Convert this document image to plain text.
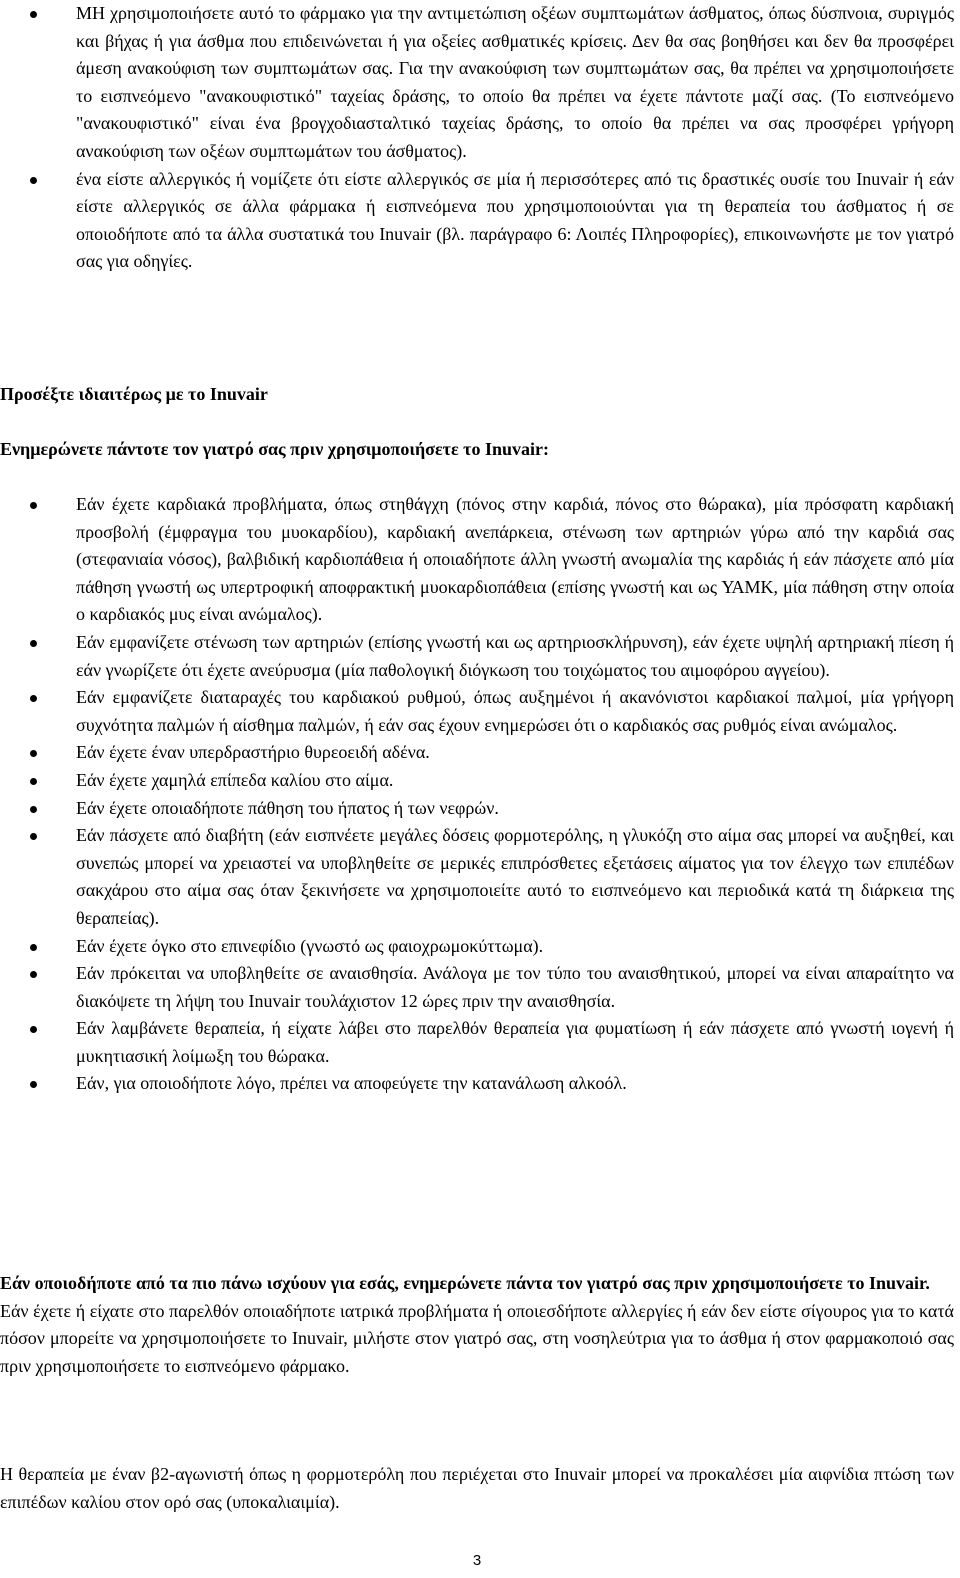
ΜΗ χρησιμοποιήσετε αυτό το φάρμακο για την αντιμετώπιση οξέων συμπτωμάτων άσθματος, όπως δύσπνοια, συριγμός και βήχας ή για άσθμα που επιδεινώνεται ή για οξείες ασθματικές κρίσεις. Δεν θα σας βοηθήσει και δεν θα προσφέρει άμεση ανακούφιση των συμπτωμάτων σας. Για την ανακούφιση των συμπτωμάτων σας, θα πρέπει να χρησιμοποιήσετε το εισπνεόμενο "ανακουφιστικό" ταχείας δράσης, το οποίο θα πρέπει να έχετε πάντοτε μαζί σας. (Το εισπνεόμενο "ανακουφιστικό" είναι ένα βρογχοδιασταλτικό ταχείας δράσης, το οποίο θα πρέπει να σας προσφέρει γρήγορη ανακούφιση των οξέων συμπτωμάτων του άσθματος).
ένα είστε αλλεργικός ή νομίζετε ότι είστε αλλεργικός σε μία ή περισσότερες από τις δραστικές ουσίε του Inuvair ή εάν είστε αλλεργικός σε άλλα φάρμακα ή εισπνεόμενα που χρησιμοποιούνται για τη θεραπεία του άσθματος ή σε οποιοδήποτε από τα άλλα συστατικά του Inuvair (βλ. παράγραφο 6: Λοιπές Πληροφορίες), επικοινωνήστε με τον γιατρό σας για οδηγίες.
Προσέξτε ιδιαιτέρως με το Inuvair
Ενημερώνετε πάντοτε τον γιατρό σας πριν χρησιμοποιήσετε το Inuvair:
Εάν έχετε καρδιακά προβλήματα, όπως στηθάγχη (πόνος στην καρδιά, πόνος στο θώρακα), μία πρόσφατη καρδιακή προσβολή (έμφραγμα του μυοκαρδίου), καρδιακή ανεπάρκεια, στένωση των αρτηριών γύρω από την καρδιά σας (στεφανιαία νόσος), βαλβιδική καρδιοπάθεια ή οποιαδήποτε άλλη γνωστή ανωμαλία της καρδιάς ή εάν πάσχετε από μία πάθηση γνωστή ως υπερτροφική αποφρακτική μυοκαρδιοπάθεια (επίσης γνωστή και ως ΥΑΜΚ, μία πάθηση στην οποία ο καρδιακός μυς είναι ανώμαλος).
Εάν εμφανίζετε στένωση των αρτηριών (επίσης γνωστή και ως αρτηριοσκλήρυνση), εάν έχετε υψηλή αρτηριακή πίεση ή εάν γνωρίζετε ότι έχετε ανεύρυσμα (μία παθολογική διόγκωση του τοιχώματος του αιμοφόρου αγγείου).
Εάν εμφανίζετε διαταραχές του καρδιακού ρυθμού, όπως αυξημένοι ή ακανόνιστοι καρδιακοί παλμοί, μία γρήγορη συχνότητα παλμών ή αίσθημα παλμών, ή εάν σας έχουν ενημερώσει ότι ο καρδιακός σας ρυθμός είναι ανώμαλος.
Εάν έχετε έναν υπερδραστήριο θυρεοειδή αδένα.
Εάν έχετε χαμηλά επίπεδα καλίου στο αίμα.
Εάν έχετε οποιαδήποτε πάθηση του ήπατος ή των νεφρών.
Εάν πάσχετε από διαβήτη (εάν εισπνέετε μεγάλες δόσεις φορμοτερόλης, η γλυκόζη στο αίμα σας μπορεί να αυξηθεί, και συνεπώς μπορεί να χρειαστεί να υποβληθείτε σε μερικές επιπρόσθετες εξετάσεις αίματος για τον έλεγχο των επιπέδων σακχάρου στο αίμα σας όταν ξεκινήσετε να χρησιμοποιείτε αυτό το εισπνεόμενο και περιοδικά κατά τη διάρκεια της θεραπείας).
Εάν έχετε όγκο στο επινεφίδιο (γνωστό ως φαιοχρωμοκύττωμα).
Εάν πρόκειται να υποβληθείτε σε αναισθησία. Ανάλογα με τον τύπο του αναισθητικού, μπορεί να είναι απαραίτητο να διακόψετε τη λήψη του Inuvair τουλάχιστον 12 ώρες πριν την αναισθησία.
Εάν λαμβάνετε θεραπεία, ή είχατε λάβει στο παρελθόν θεραπεία για φυματίωση ή εάν πάσχετε από γνωστή ιογενή ή μυκητιασική λοίμωξη του θώρακα.
Εάν, για οποιοδήποτε λόγο, πρέπει να αποφεύγετε την κατανάλωση αλκοόλ.
Εάν οποιοδήποτε από τα πιο πάνω ισχύουν για εσάς, ενημερώνετε πάντα τον γιατρό σας πριν χρησιμοποιήσετε το Inuvair.
Εάν έχετε ή είχατε στο παρελθόν οποιαδήποτε ιατρικά προβλήματα ή οποιεσδήποτε αλλεργίες ή εάν δεν είστε σίγουρος για το κατά πόσον μπορείτε να χρησιμοποιήσετε το Inuvair, μιλήστε στον γιατρό σας, στη νοσηλεύτρια για το άσθμα ή στον φαρμακοποιό σας πριν χρησιμοποιήσετε το εισπνεόμενο φάρμακο.
Η θεραπεία με έναν β2-αγωνιστή όπως η φορμοτερόλη που περιέχεται στο Inuvair μπορεί να προκαλέσει μία αιφνίδια πτώση των επιπέδων καλίου στον ορό σας (υποκαλιαιμία).
3
